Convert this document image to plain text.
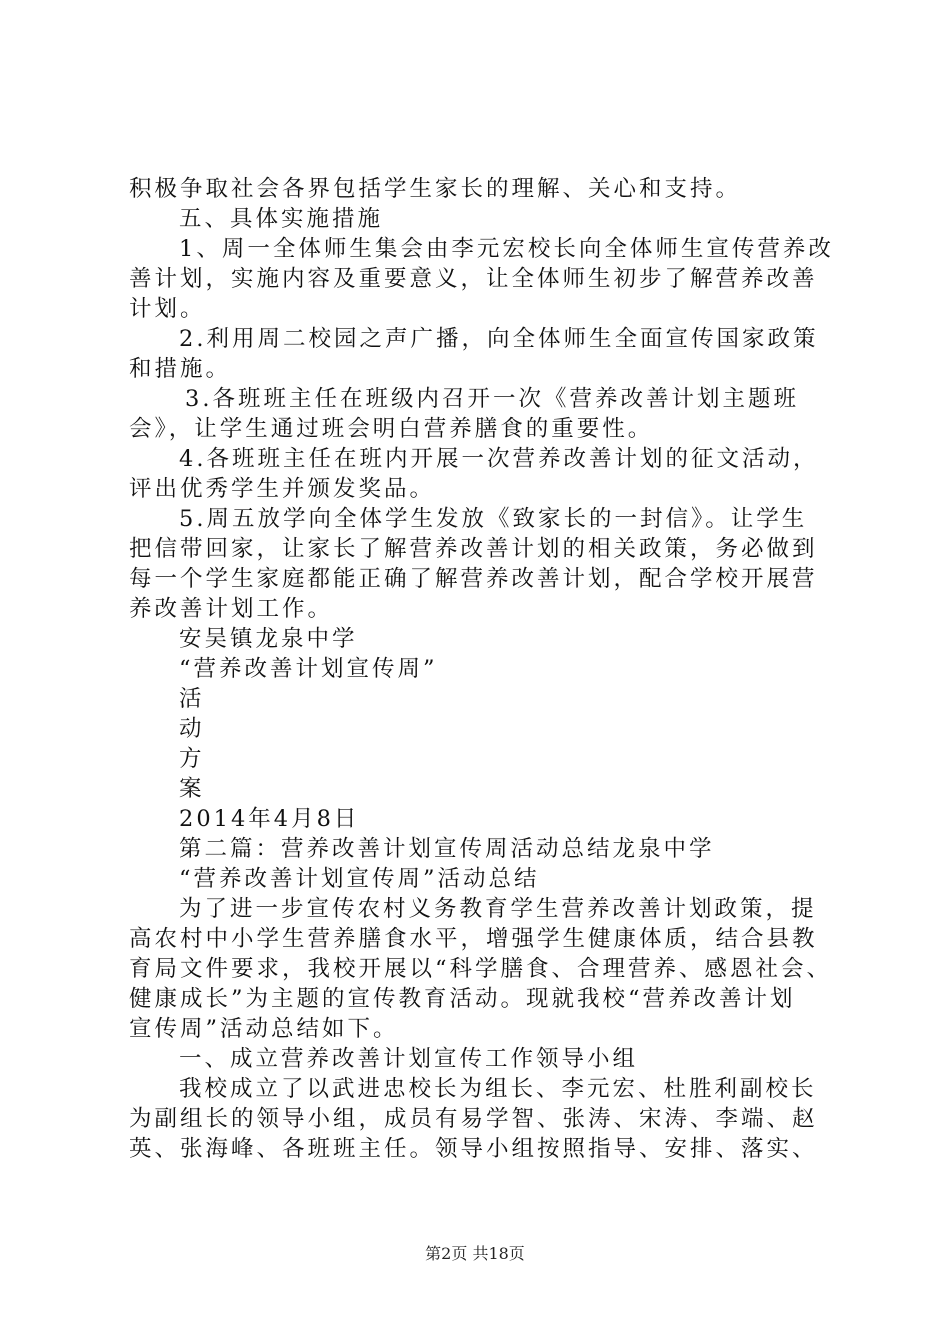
积极争取社会各界包括学生家长的理解、关心和支持。
五、具体实施措施
1、周一全体师生集会由李元宏校长向全体师生宣传营养改
善计划，实施内容及重要意义，让全体师生初步了解营养改善
计划。
2.利用周二校园之声广播，向全体师生全面宣传国家政策
和措施。
3.各班班主任在班级内召开一次《营养改善计划主题班
会》，让学生通过班会明白营养膳食的重要性。
4.各班班主任在班内开展一次营养改善计划的征文活动，
评出优秀学生并颁发奖品。
5.周五放学向全体学生发放《致家长的一封信》。让学生
把信带回家，让家长了解营养改善计划的相关政策，务必做到
每一个学生家庭都能正确了解营养改善计划，配合学校开展营
养改善计划工作。
安吴镇龙泉中学
“营养改善计划宣传周”
活
动
方
案
2014年4月8日
第二篇：营养改善计划宣传周活动总结龙泉中学
“营养改善计划宣传周”活动总结
为了进一步宣传农村义务教育学生营养改善计划政策，提
高农村中小学生营养膳食水平，增强学生健康体质，结合县教
育局文件要求，我校开展以“科学膳食、合理营养、感恩社会、
健康成长”为主题的宣传教育活动。现就我校“营养改善计划
宣传周”活动总结如下。
一、成立营养改善计划宣传工作领导小组
我校成立了以武进忠校长为组长、李元宏、杜胜利副校长
为副组长的领导小组，成员有易学智、张涛、宋涛、李端、赵
英、张海峰、各班班主任。领导小组按照指导、安排、落实、
第2页 共18页
